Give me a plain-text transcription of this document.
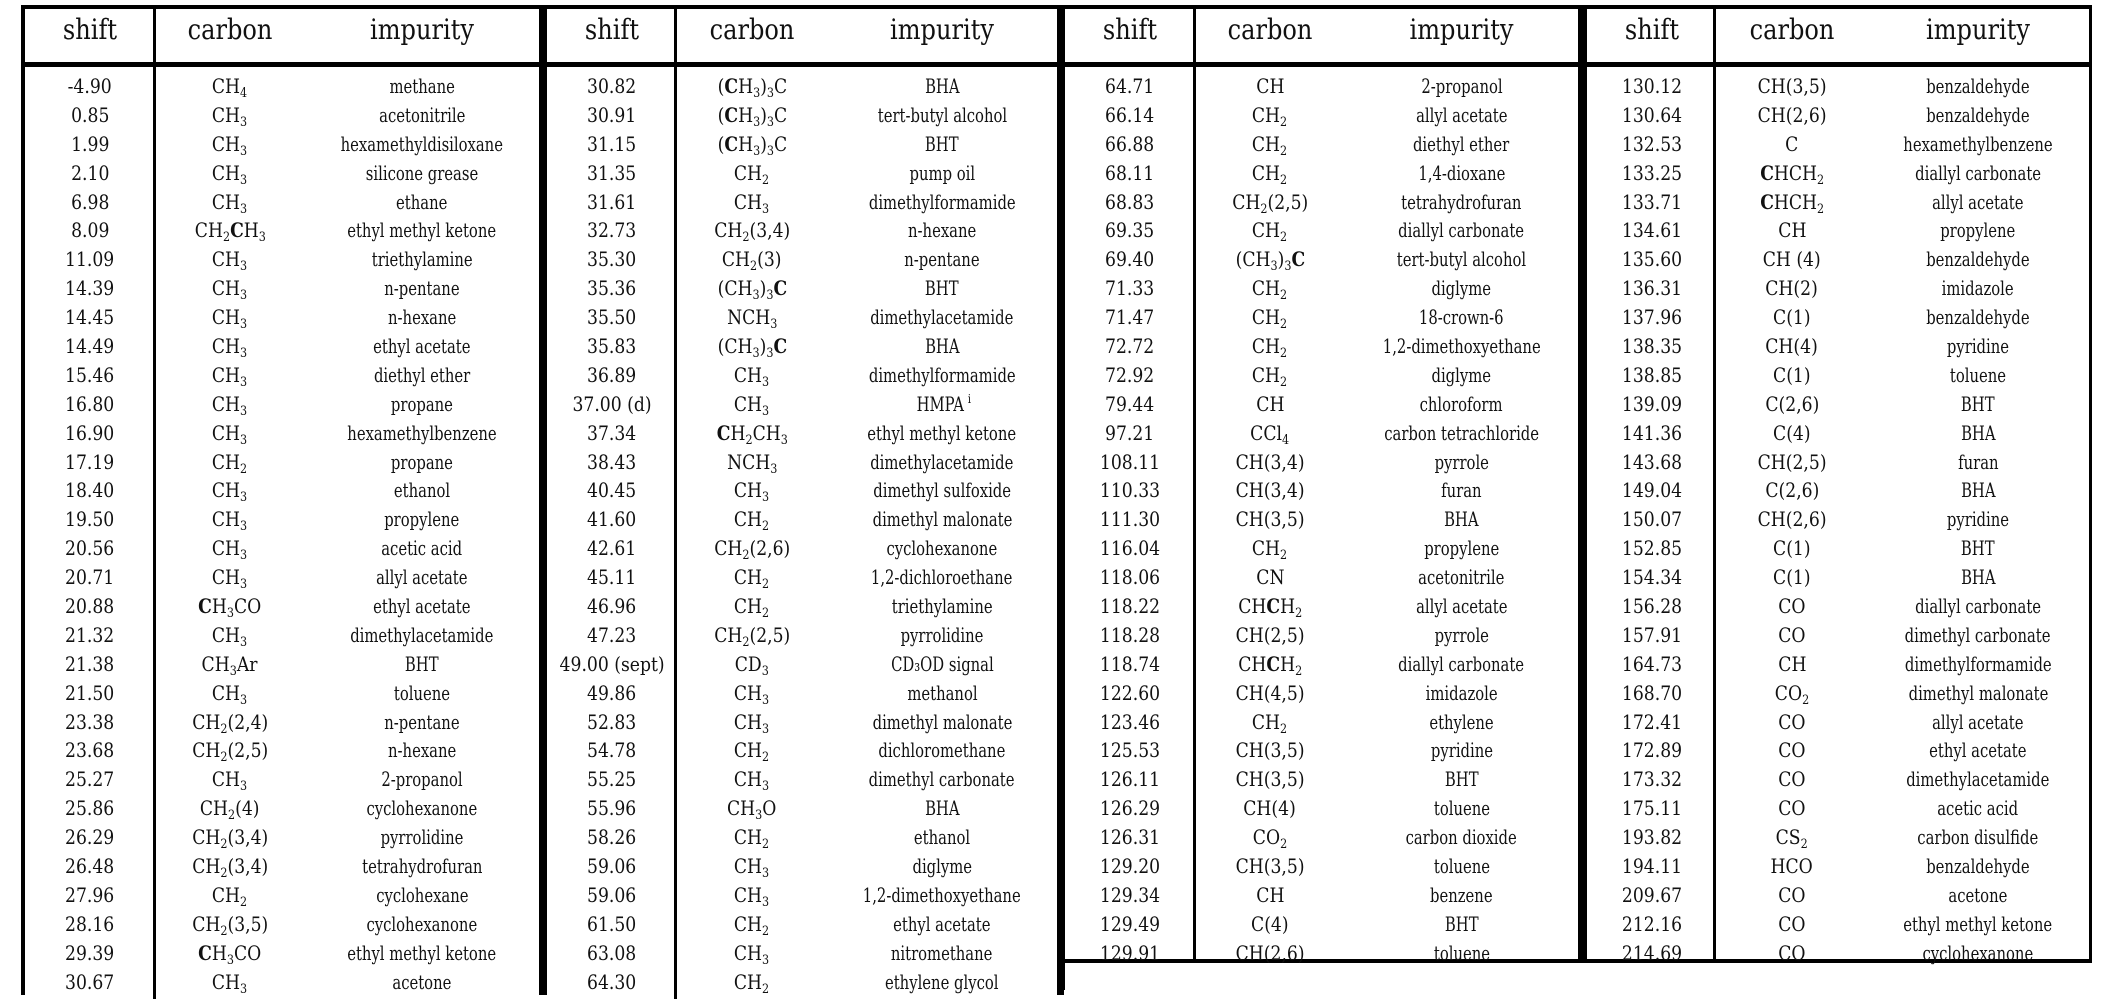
shift	carbon	impurity
-4.90	$CH_4$	methane
0.85	$CH_3$	acetonitrile
1.99	$CH_3$	hexamethyldisiloxane
2.10	$CH_3$	silicone grease
6.98	$CH_3$	ethane
8.09	$CH_2CH_3$	ethyl methyl ketone
11.09	$CH_3$	triethylamine
14.39	$CH_3$	n-pentane
14.45	$CH_3$	n-hexane
14.49	$CH_3$	ethyl acetate
15.46	$CH_3$	diethyl ether
16.80	$CH_3$	propane
16.90	$CH_3$	hexamethylbenzene
17.19	$CH_2$	propane
18.40	$CH_3$	ethanol
19.50	$CH_3$	propylene
20.56	$CH_3$	acetic acid
20.71	$CH_3$	allyl acetate
20.88	$CH_3CO$	ethyl acetate
21.32	$CH_3$	dimethylacetamide
21.38	$CH_3Ar$	BHT
21.50	$CH_3$	toluene
23.38	$CH_2(2,4)$	n-pentane
23.68	$CH_2(2,5)$	n-hexane
25.27	$CH_3$	2-propanol
25.86	$CH_2(4)$	cyclohexanone
26.29	$CH_2(3,4)$	pyrrolidine
26.48	$CH_2(3,4)$	tetrahydrofuran
27.96	$CH_2$	cyclohexane
28.16	$CH_2(3,5)$	cyclohexanone
29.39	$CH_3CO$	ethyl methyl ketone
30.67	$CH_3$	acetone
shift	carbon	impurity
30.82	$(CH_3)_3C$	BHA
30.91	$(CH_3)_3C$	tert-butyl alcohol
31.15	$(CH_3)_3C$	BHT
31.35	$CH_2$	pump oil
31.61	$CH_3$	dimethylformamide
32.73	$CH_2(3,4)$	n-hexane
35.30	$CH_2(3)$	n-pentane
35.36	$(CH_3)_3C$	BHT
35.50	$NCH_3$	dimethylacetamide
35.83	$(CH_3)_3C$	BHA
36.89	$CH_3$	dimethylformamide
37.00 (d)	$CH_3$	HMPA $^i$
37.34	$CH_2CH_3$	ethyl methyl ketone
38.43	$NCH_3$	dimethylacetamide
40.45	$CH_3$	dimethyl sulfoxide
41.60	$CH_2$	dimethyl malonate
42.61	$CH_2(2,6)$	cyclohexanone
45.11	$CH_2$	1,2-dichloroethane
46.96	$CH_2$	triethylamine
47.23	$CH_2(2,5)$	pyrrolidine
49.00 (sept)	$CD_3$	CD₃OD signal
49.86	$CH_3$	methanol
52.83	$CH_3$	dimethyl malonate
54.78	$CH_2$	dichloromethane
55.25	$CH_3$	dimethyl carbonate
55.96	$CH_3O$	BHA
58.26	$CH_2$	ethanol
59.06	$CH_3$	diglyme
59.06	$CH_3$	1,2-dimethoxyethane
61.50	$CH_2$	ethyl acetate
63.08	$CH_3$	nitromethane
64.30	$CH_2$	ethylene glycol
shift	carbon	impurity
64.71	CH	2-propanol
66.14	$CH_2$	allyl acetate
66.88	$CH_2$	diethyl ether
68.11	$CH_2$	1,4-dioxane
68.83	$CH_2(2,5)$	tetrahydrofuran
69.35	$CH_2$	diallyl carbonate
69.40	$(CH_3)_3C$	tert-butyl alcohol
71.33	$CH_2$	diglyme
71.47	$CH_2$	18-crown-6
72.72	$CH_2$	1,2-dimethoxyethane
72.92	$CH_2$	diglyme
79.44	CH	chloroform
97.21	CCl$_4$	carbon tetrachloride
108.11	CH(3,4)	pyrrole
110.33	CH(3,4)	furan
111.30	CH(3,5)	BHA
116.04	$CH_2$	propylene
118.06	CN	acetonitrile
118.22	$CHCH_2$	allyl acetate
118.28	CH(2,5)	pyrrole
118.74	$CHCH_2$	diallyl carbonate
122.60	CH(4,5)	imidazole
123.46	$CH_2$	ethylene
125.53	CH(3,5)	pyridine
126.11	CH(3,5)	BHT
126.29	CH(4)	toluene
126.31	$CO_2$	carbon dioxide
129.20	CH(3,5)	toluene
129.34	CH	benzene
129.49	C(4)	BHT
129.91	CH(2,6)	toluene
shift	carbon	impurity
130.12	CH(3,5)	benzaldehyde
130.64	CH(2,6)	benzaldehyde
132.53	C	hexamethylbenzene
133.25	$CHCH_2$	diallyl carbonate
133.71	$CHCH_2$	allyl acetate
134.61	CH	propylene
135.60	CH (4)	benzaldehyde
136.31	CH(2)	imidazole
137.96	C(1)	benzaldehyde
138.35	CH(4)	pyridine
138.85	C(1)	toluene
139.09	C(2,6)	BHT
141.36	C(4)	BHA
143.68	CH(2,5)	furan
149.04	C(2,6)	BHA
150.07	CH(2,6)	pyridine
152.85	C(1)	BHT
154.34	C(1)	BHA
156.28	CO	diallyl carbonate
157.91	CO	dimethyl carbonate
164.73	CH	dimethylformamide
168.70	$CO_2$	dimethyl malonate
172.41	CO	allyl acetate
172.89	CO	ethyl acetate
173.32	CO	dimethylacetamide
175.11	CO	acetic acid
193.82	$CS_2$	carbon disulfide
194.11	HCO	benzaldehyde
209.67	CO	acetone
212.16	CO	ethyl methyl ketone
214.69	CO	cyclohexanone
